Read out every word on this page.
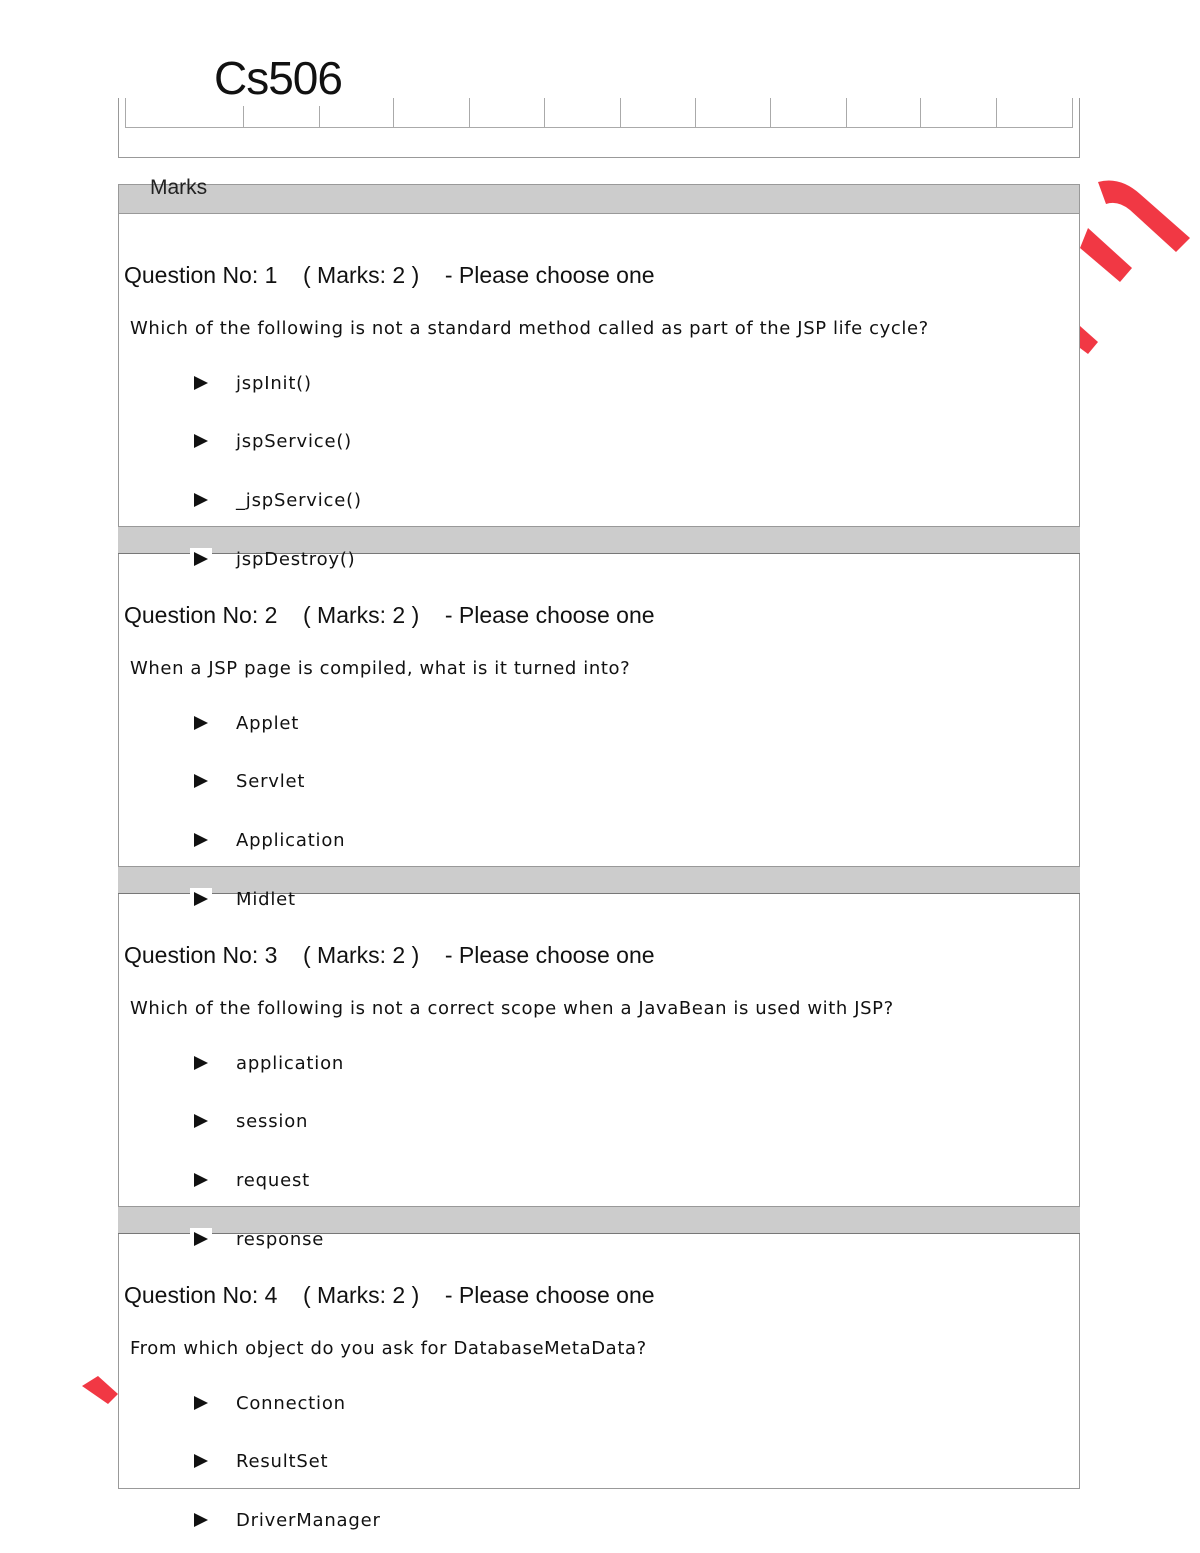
Cs506
Marks
Question No: 1 ( Marks: 2 ) - Please choose one
Which of the following is not a standard method called as part of the JSP life cycle?
jspInit()
jspService()
_jspService()
jspDestroy()
Question No: 2 ( Marks: 2 ) - Please choose one
When a JSP page is compiled, what is it turned into?
Applet
Servlet
Application
Midlet
Question No: 3 ( Marks: 2 ) - Please choose one
Which of the following is not a correct scope when a JavaBean is used with JSP?
application
session
request
response
Question No: 4 ( Marks: 2 ) - Please choose one
From which object do you ask for DatabaseMetaData?
Connection
ResultSet
DriverManager
